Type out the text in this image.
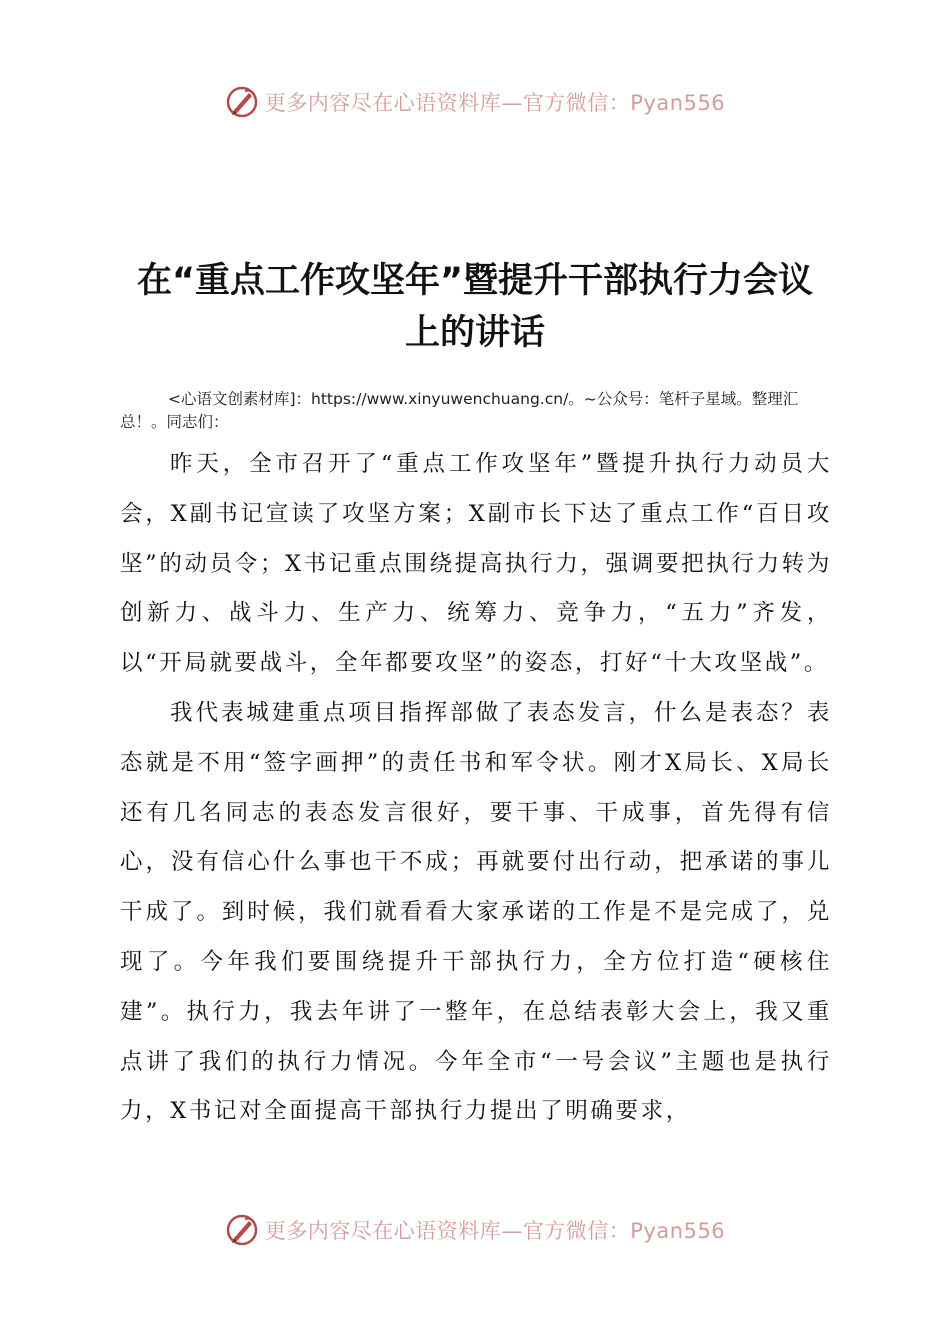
更多内容尽在心语资料库—官方微信：Pyan556
在“重点工作攻坚年”暨提升干部执行力会议
上的讲话
<心语文创素材库]：https://www.xinyuwenchuang.cn/。~公众号：笔杆子星域。整理汇总！。同志们：

昨天，全市召开了“重点工作攻坚年”暨提升执行力动员大会，X副书记宣读了攻坚方案；X副市长下达了重点工作“百日攻坚”的动员令；X书记重点围绕提高执行力，强调要把执行力转为创新力、战斗力、生产力、统筹力、竞争力，“五力”齐发，以“开局就要战斗，全年都要攻坚”的姿态，打好“十大攻坚战”。

我代表城建重点项目指挥部做了表态发言，什么是表态？表态就是不用“签字画押”的责任书和军令状。刚才X局长、X局长还有几名同志的表态发言很好，要干事、干成事，首先得有信心，没有信心什么事也干不成；再就要付出行动，把承诺的事儿干成了。到时候，我们就看看大家承诺的工作是不是完成了，兑现了。今年我们要围绕提升干部执行力，全方位打造“硬核住建”。执行力，我去年讲了一整年，在总结表彰大会上，我又重点讲了我们的执行力情况。今年全市“一号会议”主题也是执行力，X书记对全面提高干部执行力提出了明确要求，

更多内容尽在心语资料库—官方微信：Pyan556
